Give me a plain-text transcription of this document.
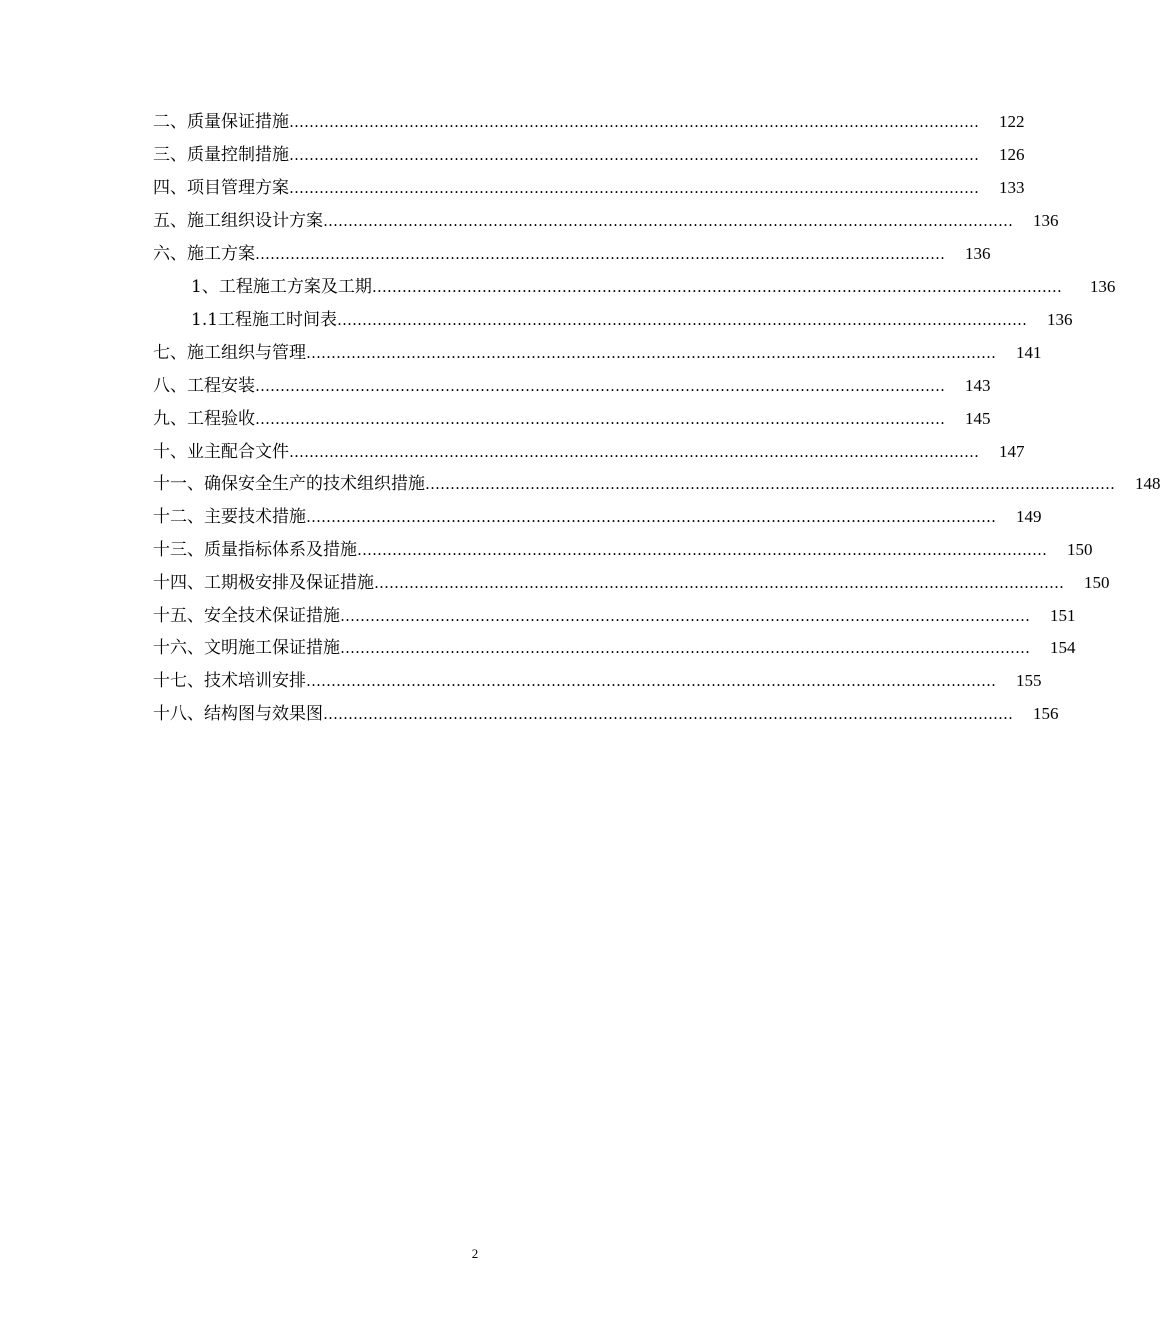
二、 质量保证措施 ………………………………………………………………………………………………………………………… 122
三、 质量控制措施 ………………………………………………………………………………………………………………………… 126
四、 项目管理方案 ………………………………………………………………………………………………………………………… 133
五、 施工组织设计方案 ………………………………………………………………………………………………………………………… 136
六、 施工方案 ………………………………………………………………………………………………………………………… 136
1、 工程施工方案及工期 ………………………………………………………………………………………………………………………… 136
1.1工程施工时间表 ………………………………………………………………………………………………………………………… 136
七、施工组织与管理 ………………………………………………………………………………………………………………………… 141
八、工程安装 ………………………………………………………………………………………………………………………… 143
九、工程验收 ………………………………………………………………………………………………………………………… 145
十、业主配合文件 ………………………………………………………………………………………………………………………… 147
十一、确保安全生产的技术组织措施 ………………………………………………………………………………………………………………………… 148
十二、主要技术措施 ………………………………………………………………………………………………………………………… 149
十三、质量指标体系及措施 ………………………………………………………………………………………………………………………… 150
十四、工期极安排及保证措施 ………………………………………………………………………………………………………………………… 150
十五、安全技术保证措施 ………………………………………………………………………………………………………………………… 151
十六、文明施工保证措施 ………………………………………………………………………………………………………………………… 154
十七、技术培训安排 ………………………………………………………………………………………………………………………… 155
十八、结构图与效果图 ………………………………………………………………………………………………………………………… 156
2
